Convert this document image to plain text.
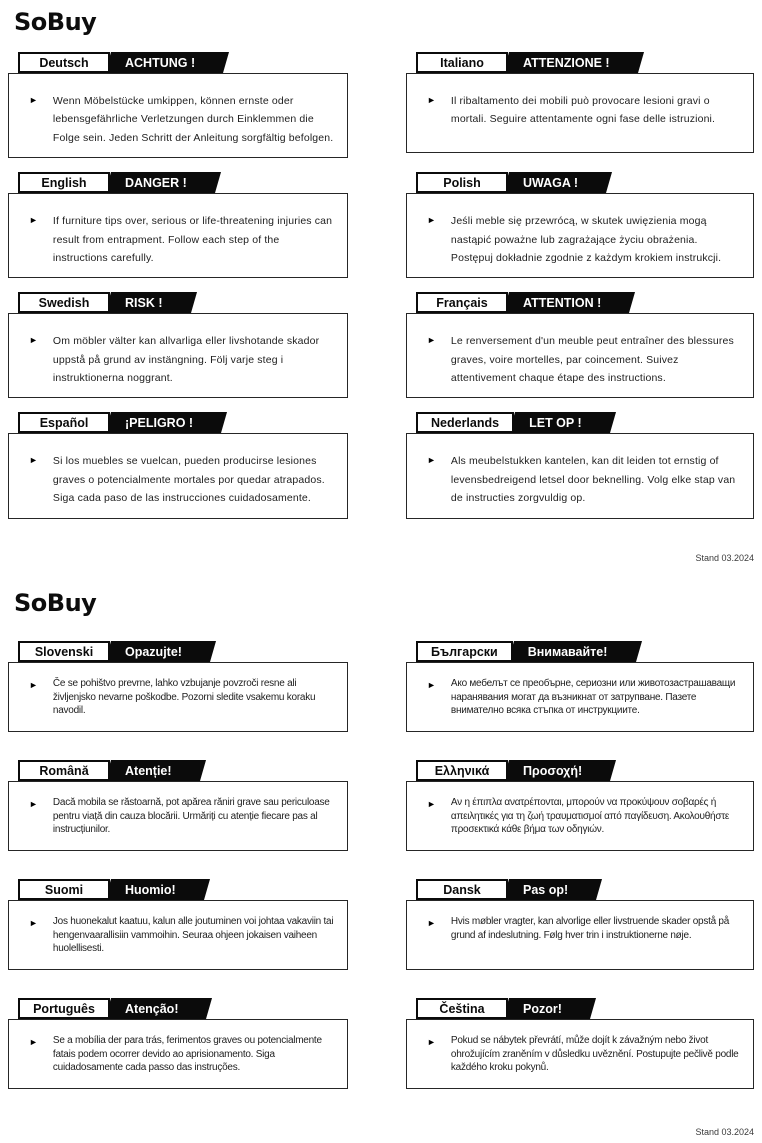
SoBuy
Deutsch	ACHTUNG !
► Wenn Möbelstücke umkippen, können ernste oder lebensgefährliche Verletzungen durch Einklemmen die Folge sein. Jeden Schritt der Anleitung sorgfältig befolgen.

Italiano	ATTENZIONE !
► Il ribaltamento dei mobili può provocare lesioni gravi o mortali. Seguire attentamente ogni fase delle istruzioni.

English	DANGER !
► If furniture tips over, serious or life-threatening injuries can result from entrapment. Follow each step of the instructions carefully.

Polish	UWAGA !
► Jeśli meble się przewrócą, w skutek uwięzienia mogą nastąpić poważne lub zagrażające życiu obrażenia. Postępuj dokładnie zgodnie z każdym krokiem instrukcji.

Swedish	RISK !
► Om möbler välter kan allvarliga eller livshotande skador uppstå på grund av instängning. Följ varje steg i instruktionerna noggrant.

Français	ATTENTION !
► Le renversement d'un meuble peut entraîner des blessures graves, voire mortelles, par coincement. Suivez attentivement chaque étape des instructions.

Español	¡PELIGRO !
► Si los muebles se vuelcan, pueden producirse lesiones graves o potencialmente mortales por quedar atrapados. Siga cada paso de las instrucciones cuidadosamente.

Nederlands	LET OP !
► Als meubelstukken kantelen, kan dit leiden tot ernstig of levensbedreigend letsel door beknelling. Volg elke stap van de instructies zorgvuldig op.

Stand 03.2024
SoBuy
Slovenski	Opazujte!
► Če se pohištvo prevrne, lahko vzbujanje povzroči resne ali življenjsko nevarne poškodbe. Pozorni sledite vsakemu koraku navodil.

Български	Внимавайте!
► Ако мебелът се преобърне, сериозни или животозастрашаващи наранявания могат да възникнат от затрупване. Пазете внимателно всяка стъпка от инструкциите.

Română	Atenție!
► Dacă mobila se răstoarnă, pot apărea răniri grave sau periculoase pentru viață din cauza blocării. Urmăriți cu atenție fiecare pas al instrucțiunilor.

Ελληνικά	Προσοχή!
► Αν η έπιπλα ανατρέπονται, μπορούν να προκύψουν σοβαρές ή απειλητικές για τη ζωή τραυματισμοί από παγίδευση. Ακολουθήστε προσεκτικά κάθε βήμα των οδηγιών.

Suomi	Huomio!
► Jos huonekalut kaatuu, kalun alle joutuminen voi johtaa vakaviin tai hengenvaarallisiin vammoihin. Seuraa ohjeen jokaisen vaiheen huolellisesti.

Dansk	Pas op!
► Hvis møbler vragter, kan alvorlige eller livstruende skader opstå på grund af indeslutning. Følg hver trin i instruktionerne nøje.

Português	Atenção!
► Se a mobília der para trás, ferimentos graves ou potencialmente fatais podem ocorrer devido ao aprisionamento. Siga cuidadosamente cada passo das instruções.

Čeština	Pozor!
► Pokud se nábytek převrátí, může dojít k závažným nebo život ohrožujícím zraněním v důsledku uvěznění. Postupujte pečlivě podle každého kroku pokynů.

Stand 03.2024
